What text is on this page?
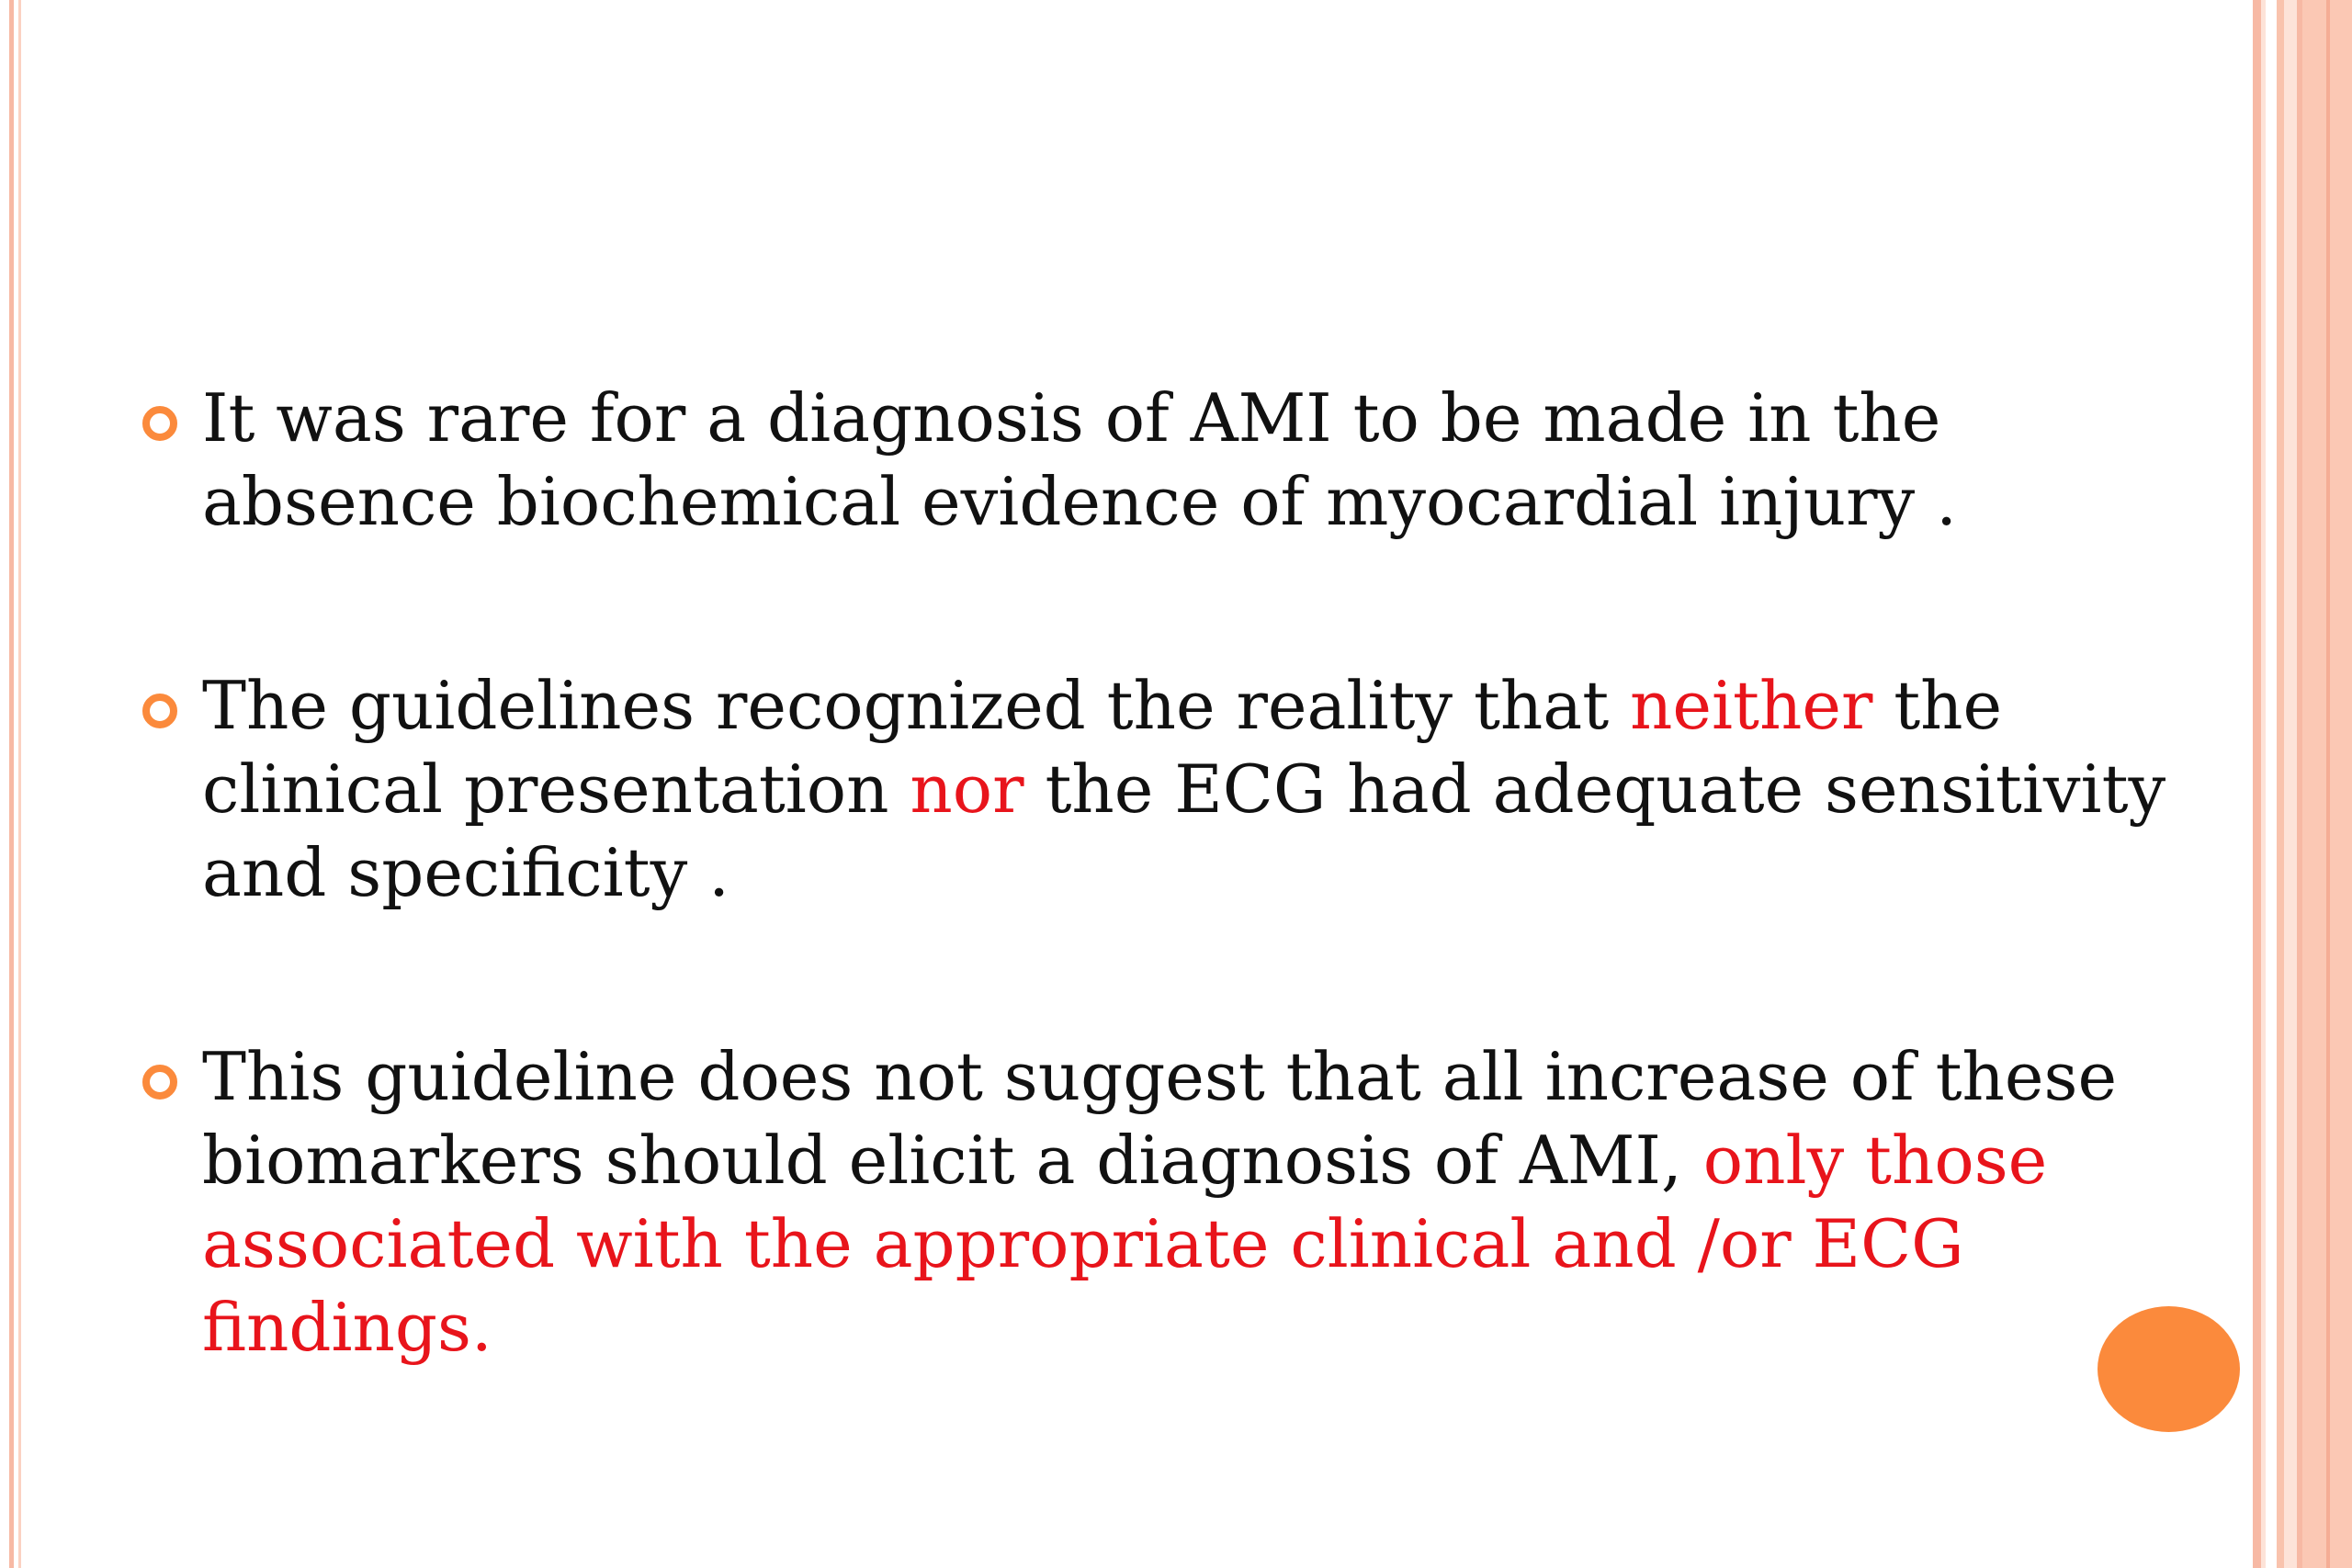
It was rare for a diagnosis of AMI to be made in the absence biochemical evidence of myocardial injury .

The guidelines recognized the reality that neither the clinical presentation nor the ECG had adequate sensitivity and specificity .

This guideline does not suggest that all increase of these biomarkers should elicit a diagnosis of AMI, only those associated with the appropriate clinical and /or ECG findings.
